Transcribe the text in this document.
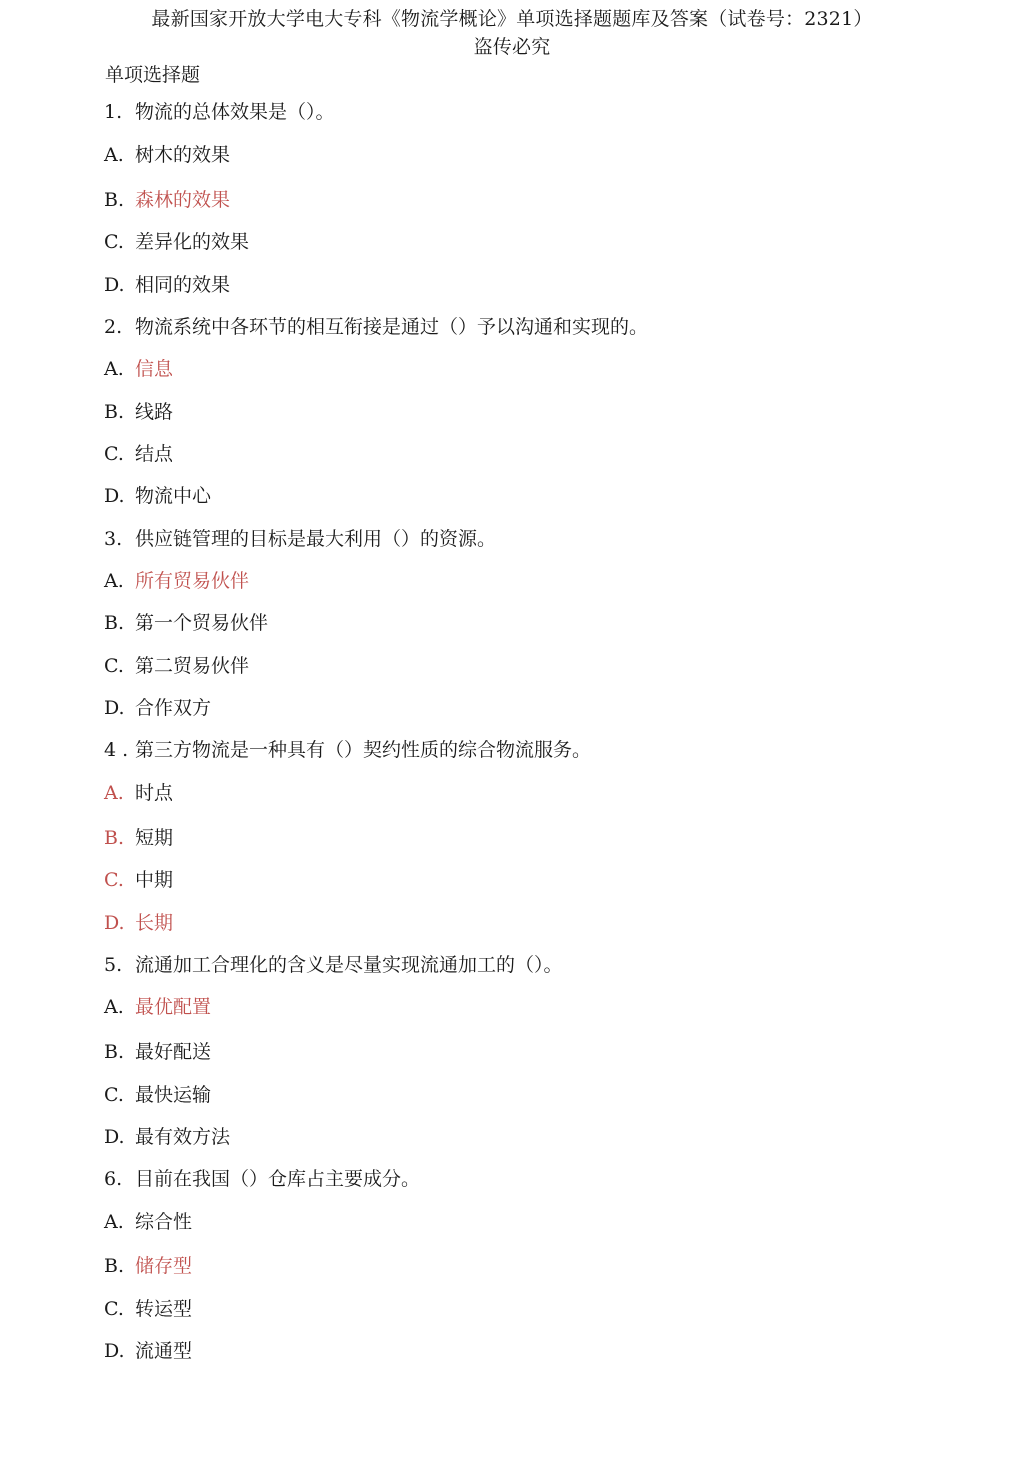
最新国家开放大学电大专科《物流学概论》单项选择题题库及答案（试卷号：2321）
盗传必究
单项选择题
1. 物流的总体效果是（）。
A. 树木的效果
B. 森林的效果
C. 差异化的效果
D. 相同的效果
2. 物流系统中各环节的相互衔接是通过（）予以沟通和实现的。
A. 信息
B. 线路
C. 结点
D. 物流中心
3. 供应链管理的目标是最大利用（）的资源。
A. 所有贸易伙伴
B. 第一个贸易伙伴
C. 第二贸易伙伴
D. 合作双方
4 . 第三方物流是一种具有（）契约性质的综合物流服务。
A. 时点
B. 短期
C. 中期
D. 长期
5. 流通加工合理化的含义是尽量实现流通加工的（）。
A. 最优配置
B. 最好配送
C. 最快运输
D. 最有效方法
6. 目前在我国（）仓库占主要成分。
A. 综合性
B. 储存型
C. 转运型
D. 流通型
